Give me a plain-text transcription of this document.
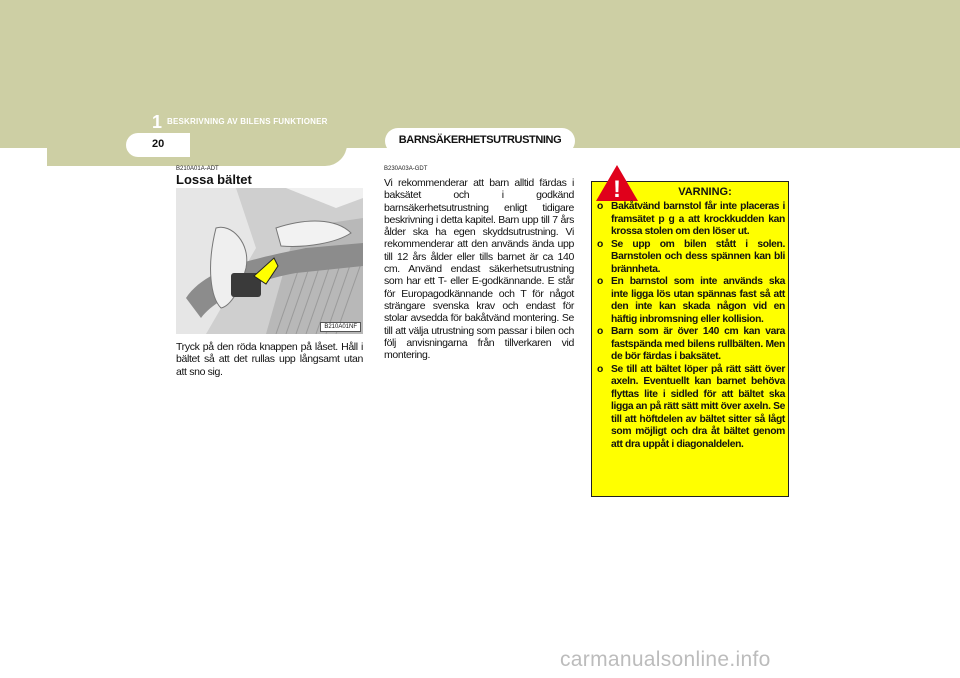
1 BESKRIVNING AV BILENS FUNKTIONER
20	BARNSÄKERHETSUTRUSTNING
B210A01A-ADT
Lossa bältet
B210A01NF

Tryck på den röda knappen på låset. Håll i bältet så att det rullas upp långsamt utan att sno sig.

B230A03A-GDT

Vi rekommenderar att barn alltid färdas i baksätet och i godkänd barnsäkerhetsutrustning enligt tidigare beskrivning i detta kapitel. Barn upp till 7 års ålder ska ha egen skyddsutrustning. Vi rekommenderar att den används ända upp till 12 års ålder eller tills barnet är ca 140 cm. Använd endast säkerhetsutrustning som har ett T- eller E-godkännande. E står för Europagodkännande och T för något strängare svenska krav och endast för stolar avsedda för bakåtvänd montering. Se till att välja utrustning som passar i bilen och följ anvisningarna från tillverkaren vid montering.

!	VARNING:
o Bakåtvänd barnstol får inte placeras i framsätet p g a att krockkudden kan krossa stolen om den löser ut.
o Se upp om bilen stått i solen. Barnstolen och dess spännen kan bli brännheta.
o En barnstol som inte används ska inte ligga lös utan spännas fast så att den inte kan skada någon vid en häftig inbromsning eller kollision.
o Barn som är över 140 cm kan vara fastspända med bilens rullbälten. Men de bör färdas i baksätet.
o Se till att bältet löper på rätt sätt över axeln. Eventuellt kan barnet behöva flyttas lite i sidled för att bältet ska ligga an på rätt sätt mitt över axeln. Se till att höftdelen av bältet sitter så lågt som möjligt och dra åt bältet genom att dra uppåt i diagonaldelen.
carmanualsonline.info
